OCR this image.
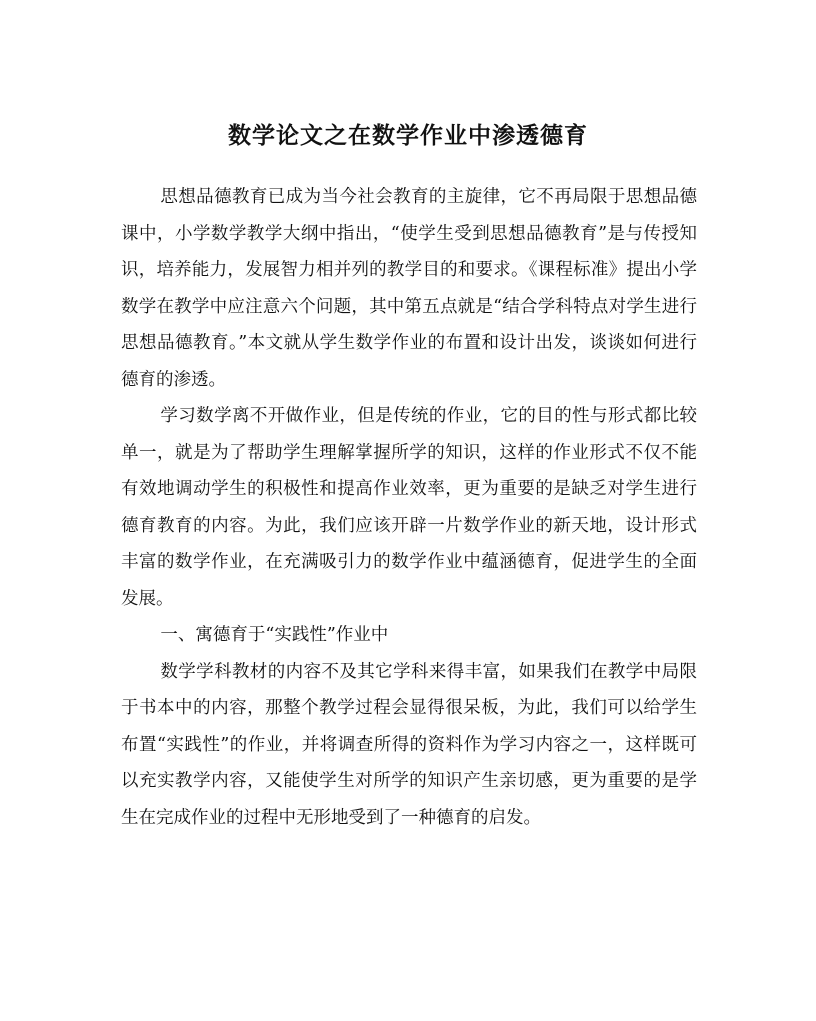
数学论文之在数学作业中渗透德育

思想品德教育已成为当今社会教育的主旋律，它不再局限于思想品德课中，小学数学教学大纲中指出，“使学生受到思想品德教育”是与传授知识，培养能力，发展智力相并列的教学目的和要求。《课程标准》提出小学数学在教学中应注意六个问题，其中第五点就是“结合学科特点对学生进行思想品德教育。”本文就从学生数学作业的布置和设计出发，谈谈如何进行德育的渗透。

学习数学离不开做作业，但是传统的作业，它的目的性与形式都比较单一，就是为了帮助学生理解掌握所学的知识，这样的作业形式不仅不能有效地调动学生的积极性和提高作业效率，更为重要的是缺乏对学生进行德育教育的内容。为此，我们应该开辟一片数学作业的新天地，设计形式丰富的数学作业，在充满吸引力的数学作业中蕴涵德育，促进学生的全面发展。

一、寓德育于“实践性”作业中

数学学科教材的内容不及其它学科来得丰富，如果我们在教学中局限于书本中的内容，那整个教学过程会显得很呆板，为此，我们可以给学生布置“实践性”的作业，并将调查所得的资料作为学习内容之一，这样既可以充实教学内容，又能使学生对所学的知识产生亲切感，更为重要的是学生在完成作业的过程中无形地受到了一种德育的启发。
